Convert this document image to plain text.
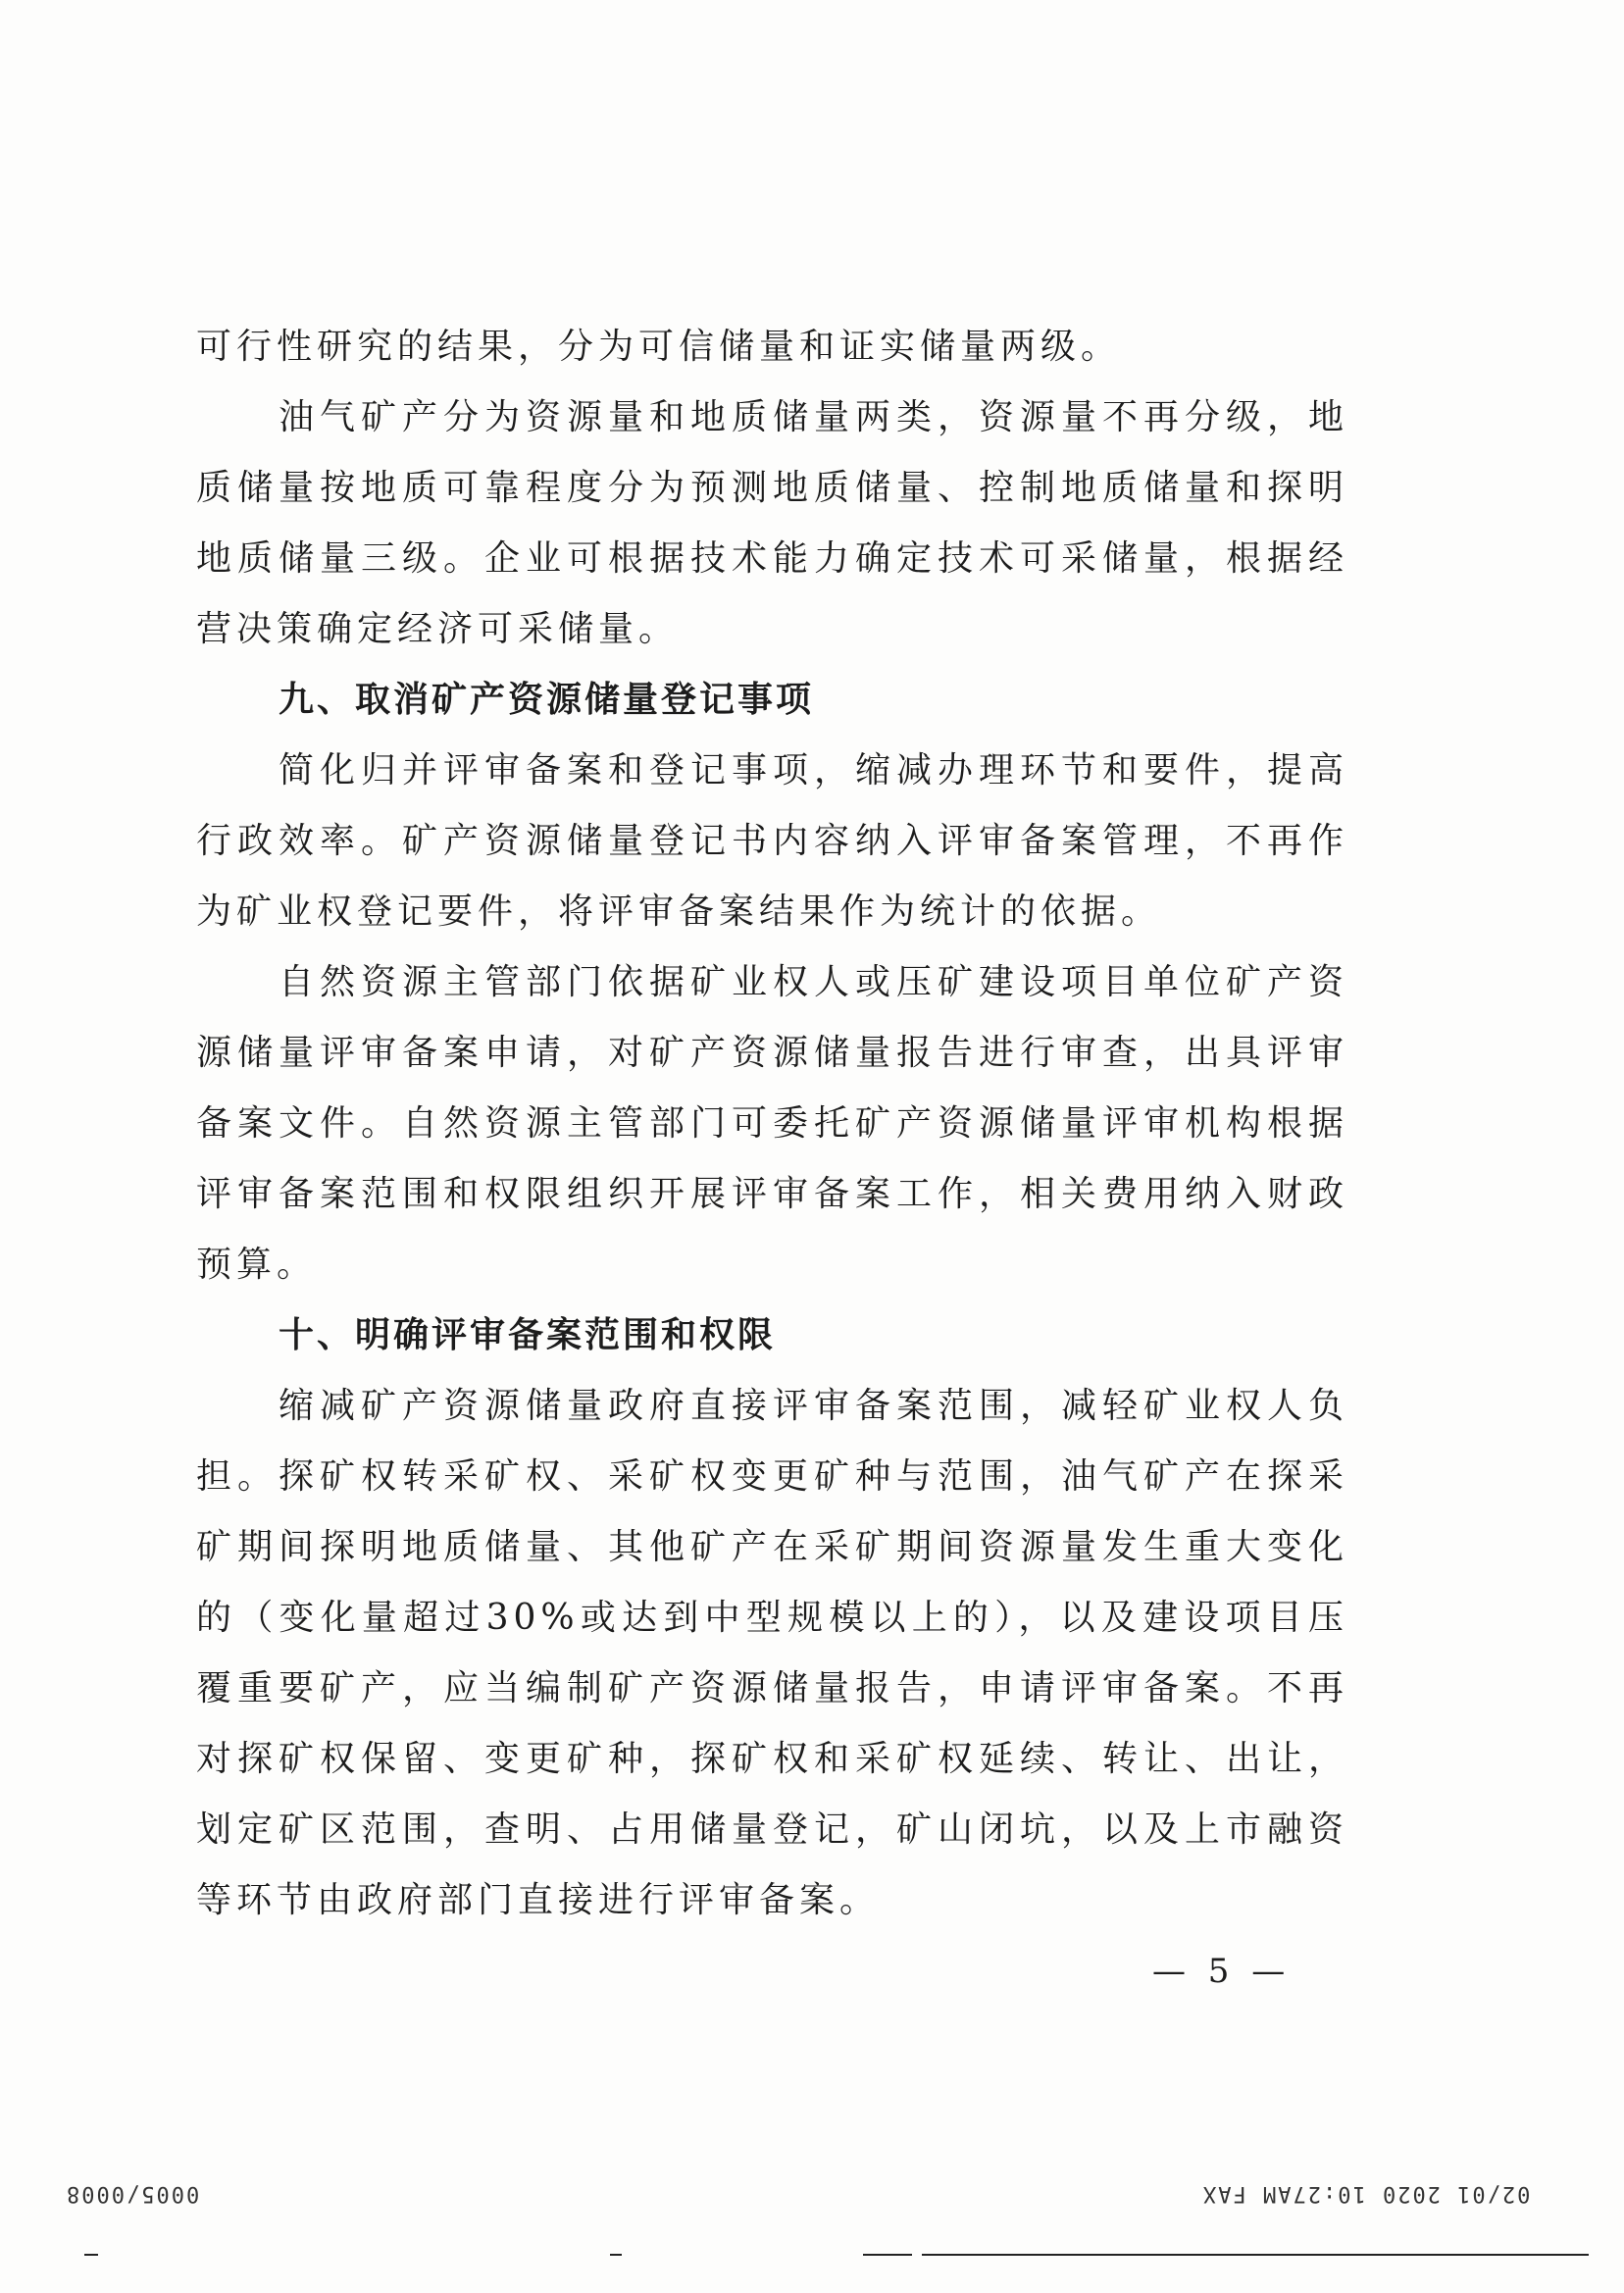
可行性研究的结果，分为可信储量和证实储量两级。

油气矿产分为资源量和地质储量两类，资源量不再分级，地质储量按地质可靠程度分为预测地质储量、控制地质储量和探明地质储量三级。企业可根据技术能力确定技术可采储量，根据经营决策确定经济可采储量。

九、取消矿产资源储量登记事项

简化归并评审备案和登记事项，缩减办理环节和要件，提高行政效率。矿产资源储量登记书内容纳入评审备案管理，不再作为矿业权登记要件，将评审备案结果作为统计的依据。

自然资源主管部门依据矿业权人或压矿建设项目单位矿产资源储量评审备案申请，对矿产资源储量报告进行审查，出具评审备案文件。自然资源主管部门可委托矿产资源储量评审机构根据评审备案范围和权限组织开展评审备案工作，相关费用纳入财政预算。

十、明确评审备案范围和权限

缩减矿产资源储量政府直接评审备案范围，减轻矿业权人负担。探矿权转采矿权、采矿权变更矿种与范围，油气矿产在探采矿期间探明地质储量、其他矿产在采矿期间资源量发生重大变化的（变化量超过30%或达到中型规模以上的），以及建设项目压覆重要矿产，应当编制矿产资源储量报告，申请评审备案。不再对探矿权保留、变更矿种，探矿权和采矿权延续、转让、出让，划定矿区范围，查明、占用储量登记，矿山闭坑，以及上市融资等环节由政府部门直接进行评审备案。

— 5 —
0005/0008	02/01 2020 10:27AM FAX
